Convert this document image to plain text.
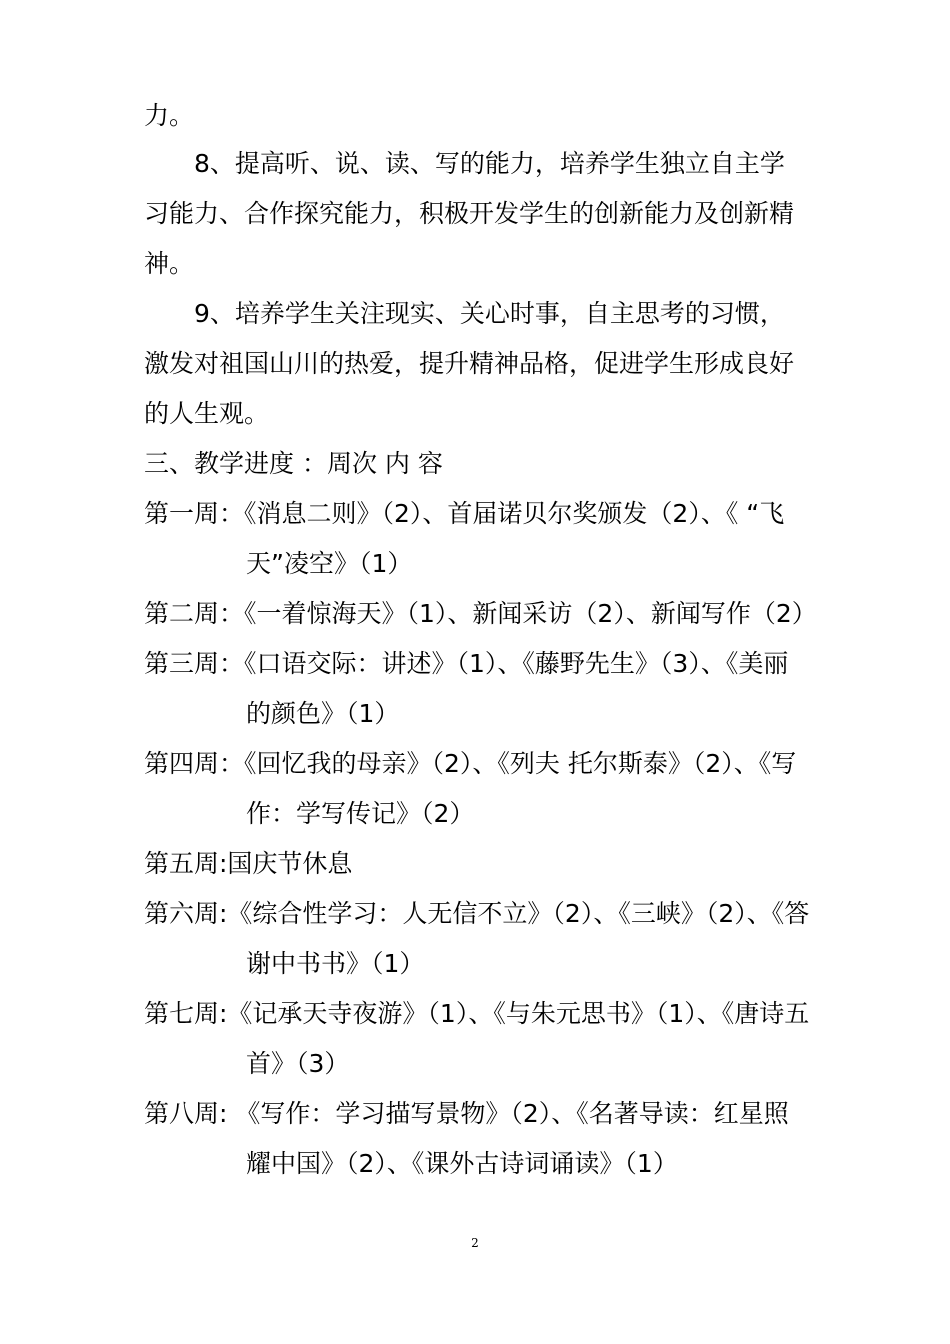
力。
8、提高听、说、读、写的能力，培养学生独立自主学
习能力、合作探究能力，积极开发学生的创新能力及创新精
神。
9、培养学生关注现实、关心时事，自主思考的习惯，
激发对祖国山川的热爱，提升精神品格，促进学生形成良好
的人生观。
三、教学进度 ：周次 内 容
第一周：《消息二则》（2）、首届诺贝尔奖颁发（2）、《 “飞
天”凌空》（1）
第二周：《一着惊海天》（1）、新闻采访（2）、新闻写作（2）
第三周：《口语交际：讲述》（1）、《藤野先生》（3）、《美丽
的颜色》（1）
第四周：《回忆我的母亲》（2）、《列夫 托尔斯泰》（2）、《写
作：学写传记》（2）
第五周:国庆节休息
第六周:《综合性学习：人无信不立》（2）、《三峡》（2）、《答
谢中书书》（1）
第七周:《记承天寺夜游》（1）、《与朱元思书》（1）、《唐诗五
首》（3）
第八周: 《写作：学习描写景物》（2）、《名著导读：红星照
耀中国》（2）、《课外古诗词诵读》（1）
2
